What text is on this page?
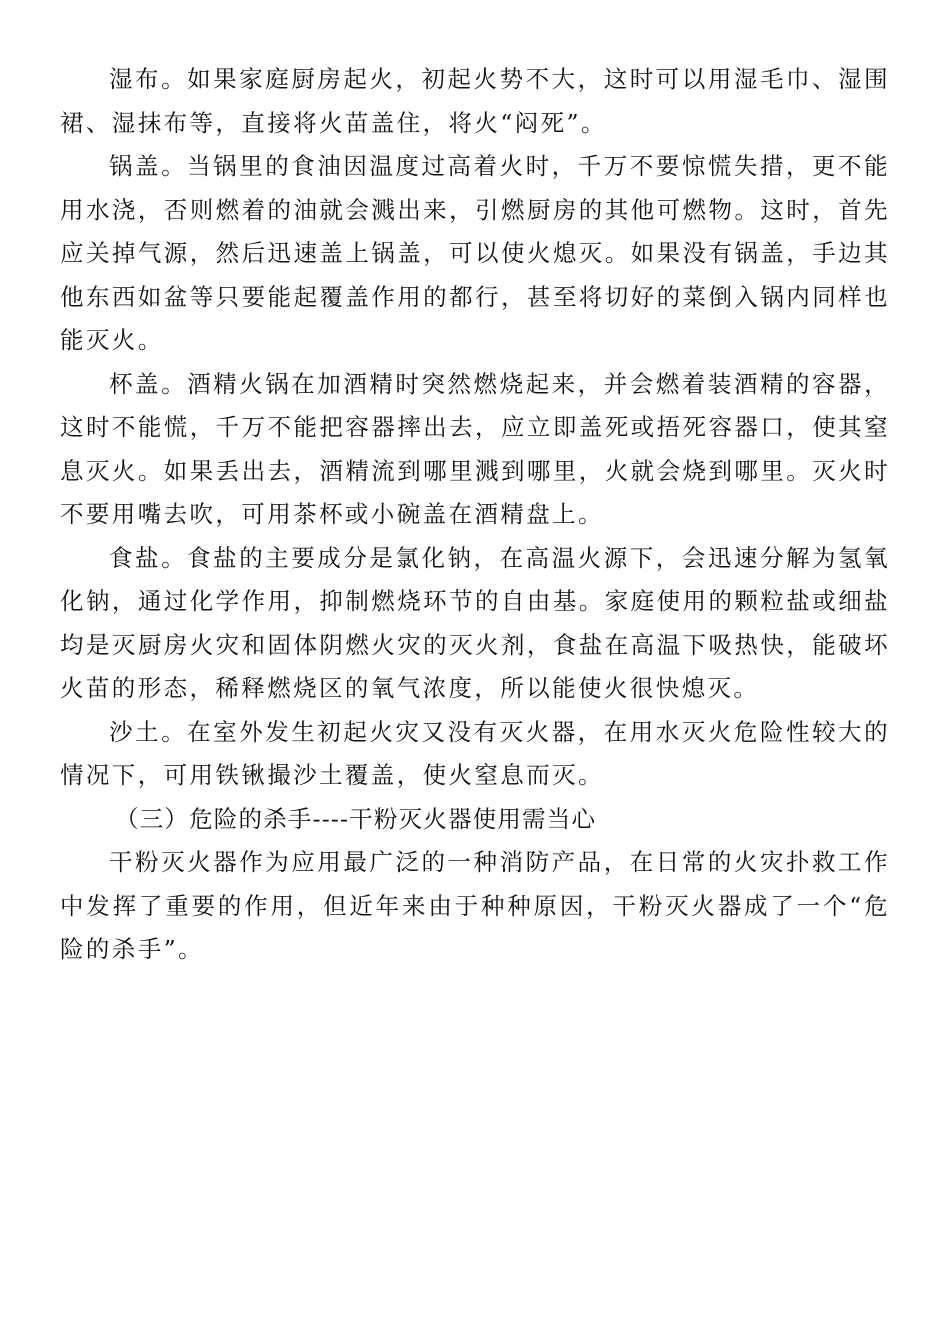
湿布。如果家庭厨房起火，初起火势不大，这时可以用湿毛巾、湿围裙、湿抹布等，直接将火苗盖住，将火“闷死”。

锅盖。当锅里的食油因温度过高着火时，千万不要惊慌失措，更不能用水浇，否则燃着的油就会溅出来，引燃厨房的其他可燃物。这时，首先应关掉气源，然后迅速盖上锅盖，可以使火熄灭。如果没有锅盖，手边其他东西如盆等只要能起覆盖作用的都行，甚至将切好的菜倒入锅内同样也能灭火。

杯盖。酒精火锅在加酒精时突然燃烧起来，并会燃着装酒精的容器，这时不能慌，千万不能把容器摔出去，应立即盖死或捂死容器口，使其窒息灭火。如果丢出去，酒精流到哪里溅到哪里，火就会烧到哪里。灭火时不要用嘴去吹，可用茶杯或小碗盖在酒精盘上。

食盐。食盐的主要成分是氯化钠，在高温火源下，会迅速分解为氢氧化钠，通过化学作用，抑制燃烧环节的自由基。家庭使用的颗粒盐或细盐均是灭厨房火灾和固体阴燃火灾的灭火剂，食盐在高温下吸热快，能破坏火苗的形态，稀释燃烧区的氧气浓度，所以能使火很快熄灭。

沙土。在室外发生初起火灾又没有灭火器，在用水灭火危险性较大的情况下，可用铁锹撮沙土覆盖，使火窒息而灭。

（三）危险的杀手----干粉灭火器使用需当心

干粉灭火器作为应用最广泛的一种消防产品，在日常的火灾扑救工作中发挥了重要的作用，但近年来由于种种原因，干粉灭火器成了一个“危险的杀手”。
